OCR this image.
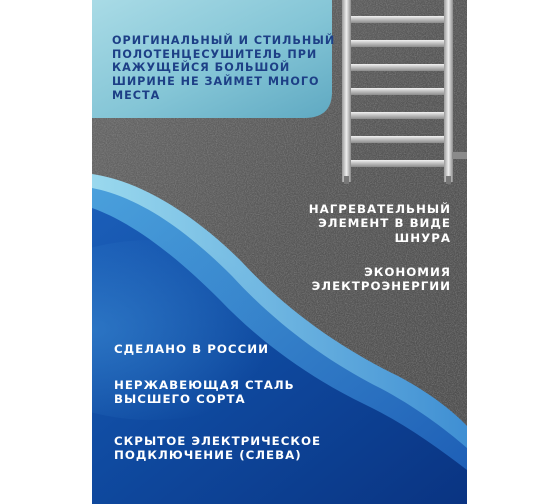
ОРИГИНАЛЬНЫЙ И СТИЛЬНЫЙ ПОЛОТЕНЦЕСУШИТЕЛЬ ПРИ КАЖУЩЕЙСЯ БОЛЬШОЙ ШИРИНЕ НЕ ЗАЙМЕТ МНОГО МЕСТА

НАГРЕВАТЕЛЬНЫЙ ЭЛЕМЕНТ В ВИДЕ ШНУРА

ЭКОНОМИЯ ЭЛЕКТРОЭНЕРГИИ

СДЕЛАНО В РОССИИ

НЕРЖАВЕЮЩАЯ СТАЛЬ ВЫСШЕГО СОРТА

СКРЫТОЕ ЭЛЕКТРИЧЕСКОЕ ПОДКЛЮЧЕНИЕ (СЛЕВА)
